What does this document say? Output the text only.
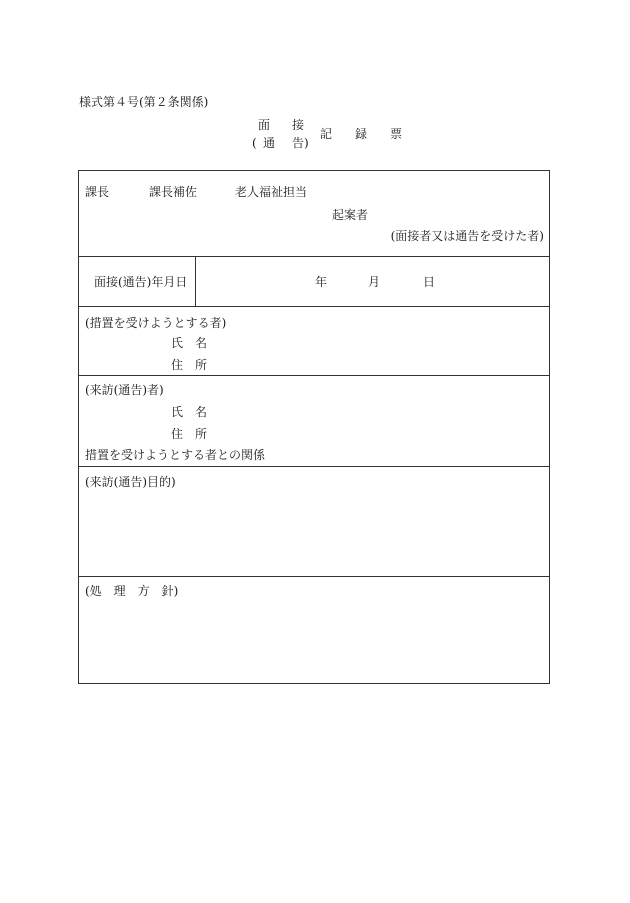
様式第４号(第２条関係)
面 接
( 通 告 )
記 録 票
課長	課長補佐	老人福祉担当
起案者
(面接者又は通告を受けた者)
面接(通告)年月日	年	月	日
(措置を受けようとする者)
氏　名
住　所
(来訪(通告)者)
氏　名
住　所
措置を受けようとする者との関係
(来訪(通告)目的)
(処　理　方　針)
